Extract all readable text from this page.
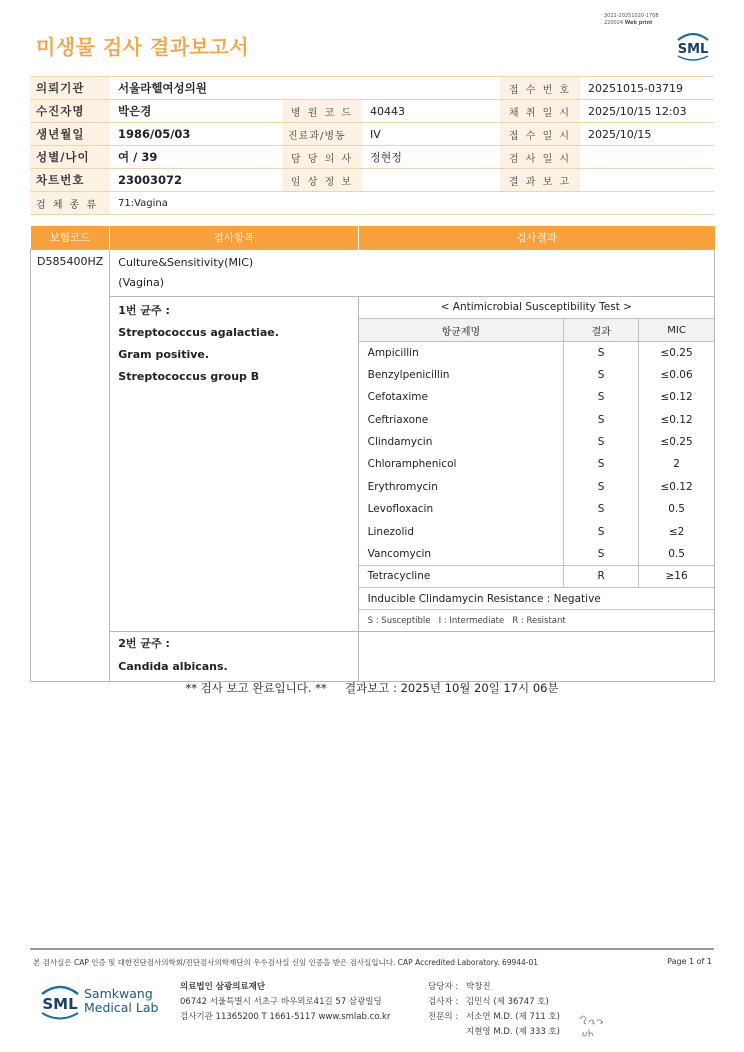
3022-20251020-1708
220024 Web print
미생물 검사 결과보고서	SML
의뢰기관	서울라헬여성의원			접 수 번 호	20251015-03719
수진자명	박은경	병 원 코 드	40443	채 취 일 시	2025/10/15 12:03
생년월일	1986/05/03	진료과/병동	IV	접 수 일 시	2025/10/15
성별/나이	여 / 39	담 당 의 사	정현정	검 사 일 시	
차트번호	23003072	임 상 정 보		결 과 보 고	
검 체 종 류	71:Vagina				
보험코드	검사항목	검사결과
D585400HZ	Culture&Sensitivity(MIC)
(Vagina)

1번 균주 :
Streptococcus agalactiae.
Gram positive.
Streptococcus group B

< Antimicrobial Susceptibility Test >
항균제명	결과	MIC
Ampicillin	S	≤0.25
Benzylpenicillin	S	≤0.06
Cefotaxime	S	≤0.12
Ceftriaxone	S	≤0.12
Clindamycin	S	≤0.25
Chloramphenicol	S	2
Erythromycin	S	≤0.12
Levofloxacin	S	0.5
Linezolid	S	≤2
Vancomycin	S	0.5
Tetracycline	R	≥16
Inducible Clindamycin Resistance : Negative
S : Susceptible   I : Intermediate   R : Resistant

2번 균주 :
Candida albicans.

** 검사 보고 완료입니다. **     결과보고 : 2025년 10월 20일 17시 06분
본 검사실은 CAP 인증 및 대한진단검사의학회/진단검사의학재단의 우수검사실 신임 인증을 받은 검사실입니다. CAP Accredited Laboratory. 69944-01	Page 1 of 1
SML
Samkwang
Medical Lab
의료법인 삼광의료재단
06742 서울특별시 서초구 바우뫼로41길 57 삼광빌딩
검사기관 11365200 T 1661-5117 www.smlab.co.kr
담당자 : 박창진
검사자 : 김민식 (제 36747 호)
전문의 : 서소연 M.D. (제 711 호)
지현영 M.D. (제 333 호)
